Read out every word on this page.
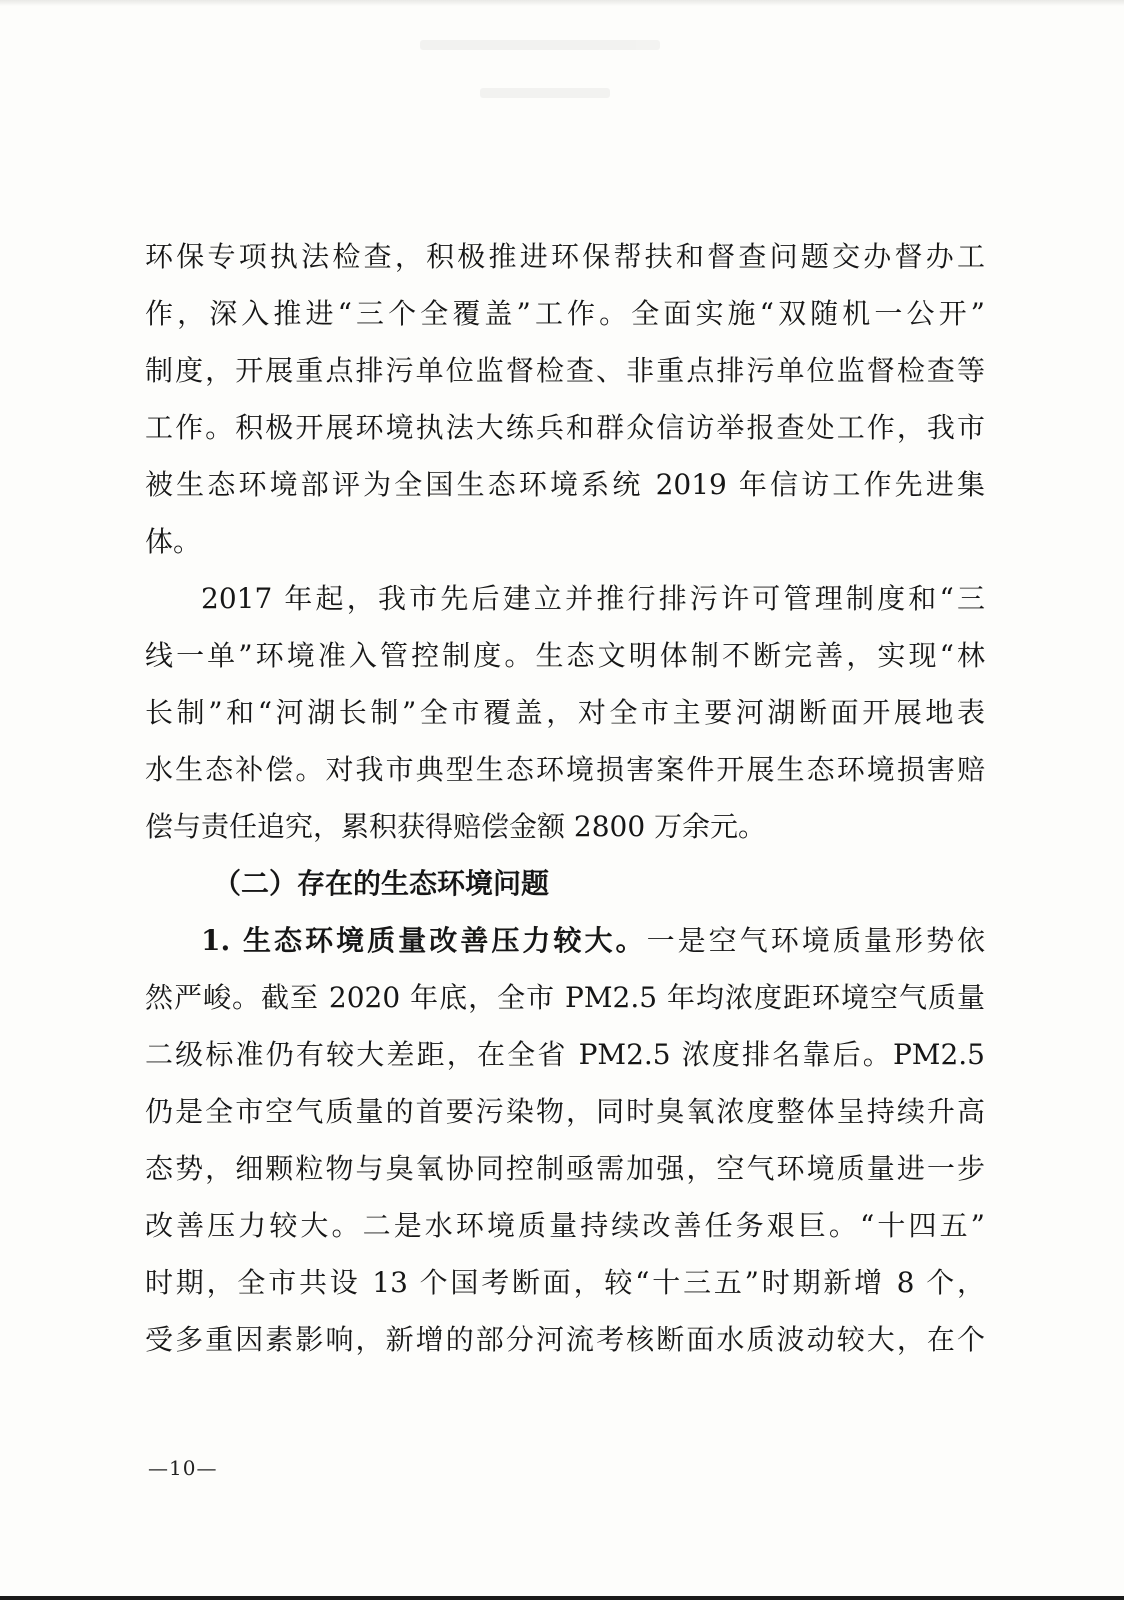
环保专项执法检查，积极推进环保帮扶和督查问题交办督办工
作，深入推进“三个全覆盖”工作。全面实施“双随机一公开”
制度，开展重点排污单位监督检查、非重点排污单位监督检查等
工作。积极开展环境执法大练兵和群众信访举报查处工作，我市
被生态环境部评为全国生态环境系统 2019 年信访工作先进集
体。
2017 年起，我市先后建立并推行排污许可管理制度和“三
线一单”环境准入管控制度。生态文明体制不断完善，实现“林
长制”和“河湖长制”全市覆盖，对全市主要河湖断面开展地表
水生态补偿。对我市典型生态环境损害案件开展生态环境损害赔
偿与责任追究，累积获得赔偿金额 2800 万余元。
（二）存在的生态环境问题
1. 生态环境质量改善压力较大。一是空气环境质量形势依
然严峻。截至 2020 年底，全市 PM2.5 年均浓度距环境空气质量
二级标准仍有较大差距，在全省 PM2.5 浓度排名靠后。PM2.5
仍是全市空气质量的首要污染物，同时臭氧浓度整体呈持续升高
态势，细颗粒物与臭氧协同控制亟需加强，空气环境质量进一步
改善压力较大。二是水环境质量持续改善任务艰巨。“十四五”
时期，全市共设 13 个国考断面，较“十三五”时期新增 8 个，
受多重因素影响，新增的部分河流考核断面水质波动较大，在个
—10—
